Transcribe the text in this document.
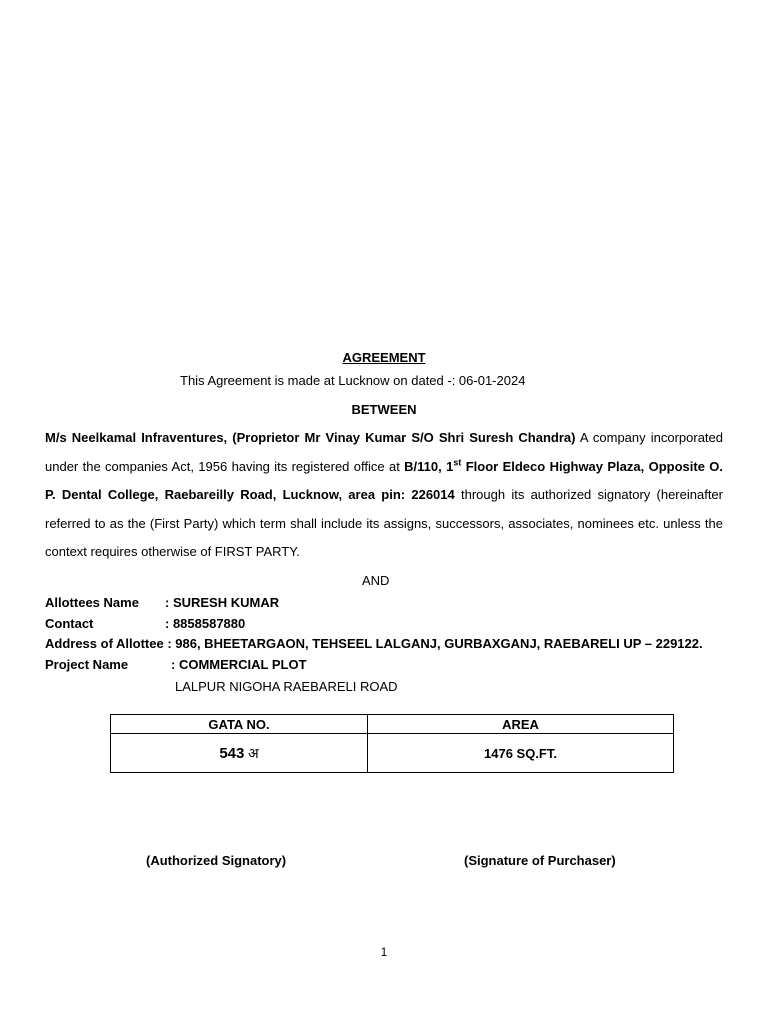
AGREEMENT
This Agreement is made at Lucknow on dated -: 06-01-2024
BETWEEN
M/s Neelkamal Infraventures, (Proprietor Mr Vinay Kumar S/O Shri Suresh Chandra) A company incorporated under the companies Act, 1956 having its registered office at B/110, 1st Floor Eldeco Highway Plaza, Opposite O. P. Dental College, Raebareilly Road, Lucknow, area pin: 226014 through its authorized signatory (hereinafter referred to as the (First Party) which term shall include its assigns, successors, associates, nominees etc. unless the context requires otherwise of FIRST PARTY.
AND
Allottees Name : SURESH KUMAR
Contact	: 8858587880
Address of Allottee : 986, BHEETARGAON, TEHSEEL LALGANJ, GURBAXGANJ, RAEBARELI UP – 229122.
Project Name	: COMMERCIAL PLOT
LALPUR NIGOHA RAEBARELI ROAD
GATA NO.	AREA
543 अ	1476 SQ.FT.
(Authorized Signatory)	(Signature of Purchaser)
1
